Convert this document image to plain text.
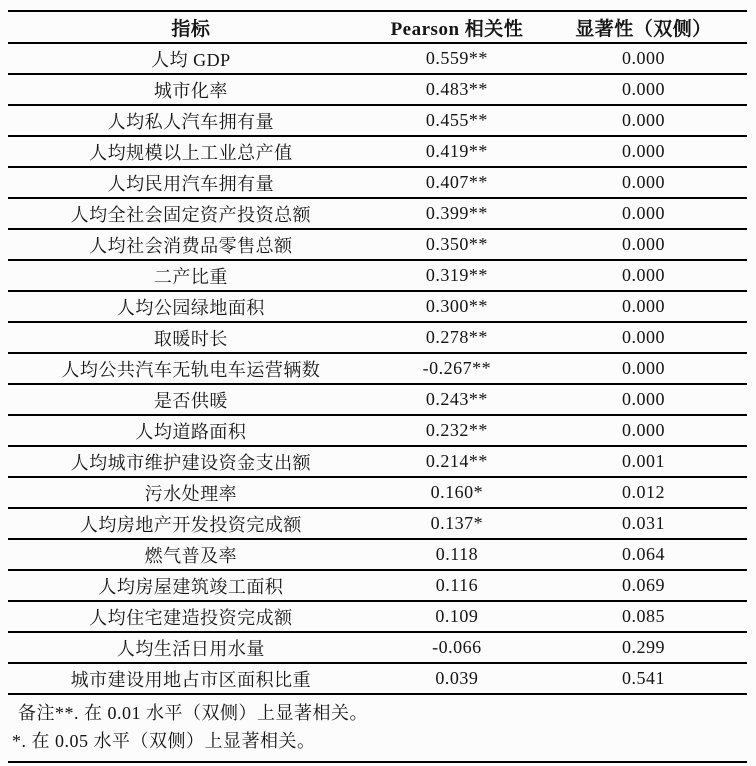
指标	Pearson 相关性	显著性（双侧）
人均 GDP	0.559**	0.000
城市化率	0.483**	0.000
人均私人汽车拥有量	0.455**	0.000
人均规模以上工业总产值	0.419**	0.000
人均民用汽车拥有量	0.407**	0.000
人均全社会固定资产投资总额	0.399**	0.000
人均社会消费品零售总额	0.350**	0.000
二产比重	0.319**	0.000
人均公园绿地面积	0.300**	0.000
取暖时长	0.278**	0.000
人均公共汽车无轨电车运营辆数	-0.267**	0.000
是否供暖	0.243**	0.000
人均道路面积	0.232**	0.000
人均城市维护建设资金支出额	0.214**	0.001
污水处理率	0.160*	0.012
人均房地产开发投资完成额	0.137*	0.031
燃气普及率	0.118	0.064
人均房屋建筑竣工面积	0.116	0.069
人均住宅建造投资完成额	0.109	0.085
人均生活日用水量	-0.066	0.299
城市建设用地占市区面积比重	0.039	0.541

备注**. 在 0.01 水平（双侧）上显著相关。
*. 在 0.05 水平（双侧）上显著相关。		
